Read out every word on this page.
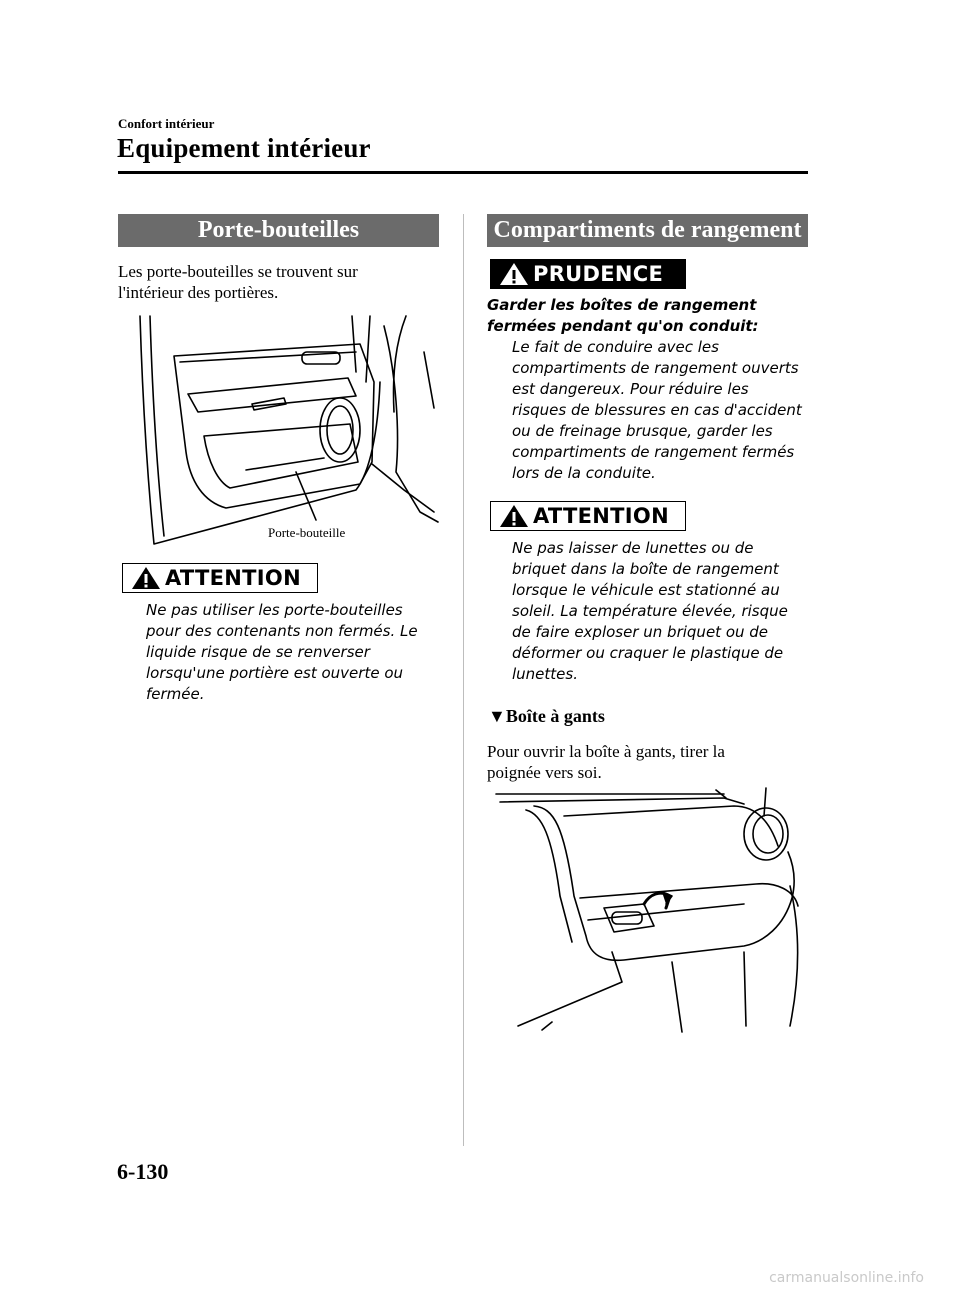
Confort intérieur
Equipement intérieur
Porte-bouteilles
Les porte-bouteilles se trouvent sur
l'intérieur des portières.
Porte-bouteille
ATTENTION
Ne pas utiliser les porte-bouteilles
pour des contenants non fermés. Le
liquide risque de se renverser
lorsqu'une portière est ouverte ou
fermée.
Compartiments de rangement
PRUDENCE
Garder les boîtes de rangement
fermées pendant qu'on conduit:
Le fait de conduire avec les
compartiments de rangement ouverts
est dangereux. Pour réduire les
risques de blessures en cas d'accident
ou de freinage brusque, garder les
compartiments de rangement fermés
lors de la conduite.
ATTENTION
Ne pas laisser de lunettes ou de
briquet dans la boîte de rangement
lorsque le véhicule est stationné au
soleil. La température élevée, risque
de faire exploser un briquet ou de
déformer ou craquer le plastique de
lunettes.
▼Boîte à gants
Pour ouvrir la boîte à gants, tirer la
poignée vers soi.
6-130
carmanualsonline.info
